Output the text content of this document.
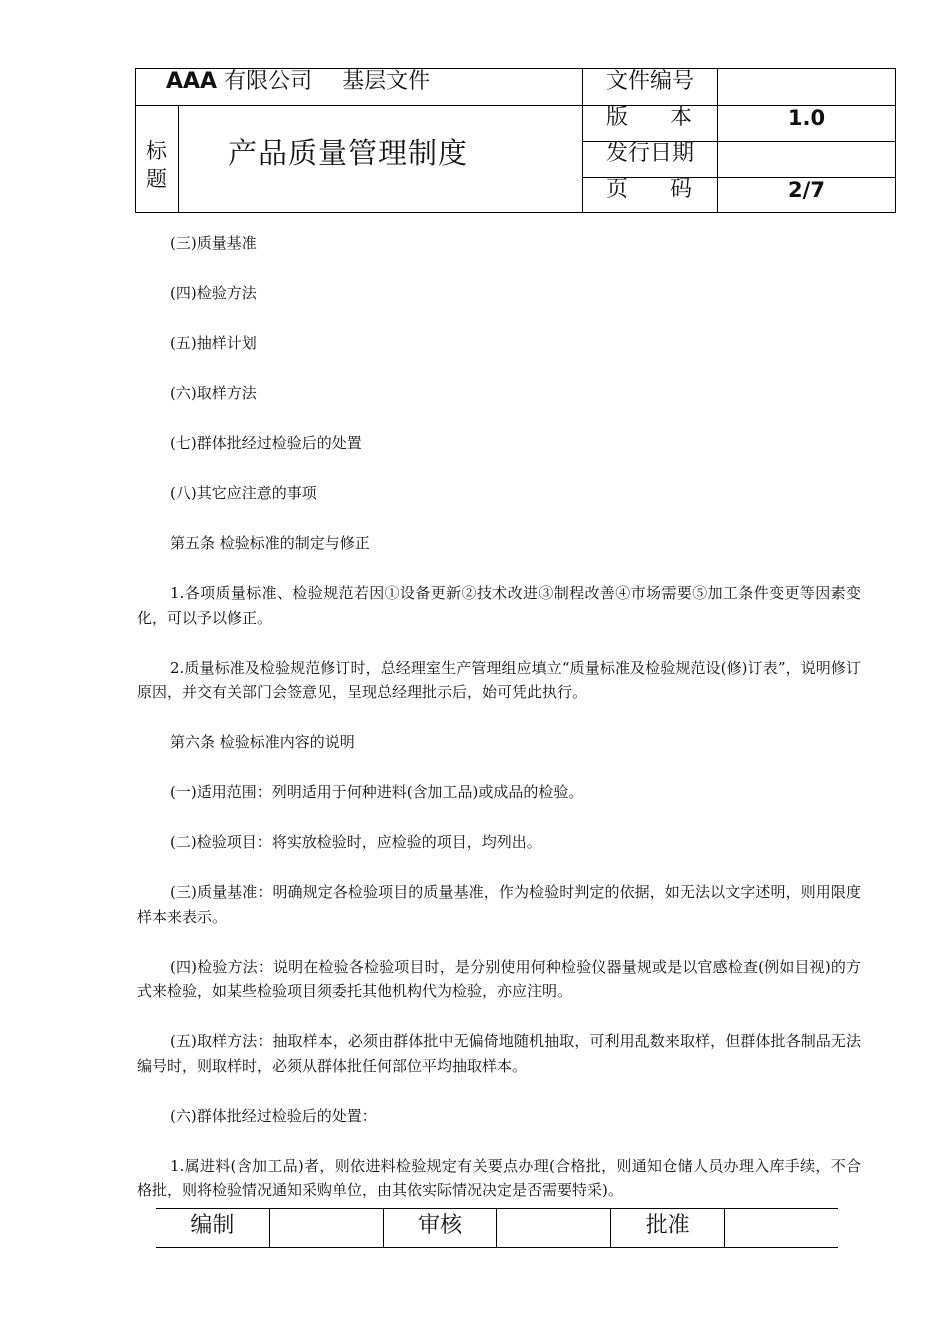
AAA 有限公司 基层文件
标题
产品质量管理制度
文件编号
版 本
发行日期
页 码
1.0
2/7

(三)质量基准

(四)检验方法

(五)抽样计划

(六)取样方法

(七)群体批经过检验后的处置

(八)其它应注意的事项

第五条 检验标准的制定与修正

1.各项质量标准、检验规范若因①设备更新②技术改进③制程改善④市场需要⑤加工条件变更等因素变化，可以予以修正。

2.质量标准及检验规范修订时，总经理室生产管理组应填立“质量标准及检验规范设(修)订表”，说明修订原因，并交有关部门会签意见，呈现总经理批示后，始可凭此执行。

第六条 检验标准内容的说明

(一)适用范围：列明适用于何种进料(含加工品)或成品的检验。

(二)检验项目：将实放检验时，应检验的项目，均列出。

(三)质量基准：明确规定各检验项目的质量基准，作为检验时判定的依据，如无法以文字述明，则用限度样本来表示。

(四)检验方法：说明在检验各检验项目时，是分别使用何种检验仪器量规或是以官感检查(例如目视)的方式来检验，如某些检验项目须委托其他机构代为检验，亦应注明。

(五)取样方法：抽取样本，必须由群体批中无偏倚地随机抽取，可利用乱数来取样，但群体批各制品无法编号时，则取样时，必须从群体批任何部位平均抽取样本。

(六)群体批经过检验后的处置：

1.属进料(含加工品)者，则依进料检验规定有关要点办理(合格批，则通知仓储人员办理入库手续，不合格批，则将检验情况通知采购单位，由其依实际情况决定是否需要特采)。

编制	审核	批准
